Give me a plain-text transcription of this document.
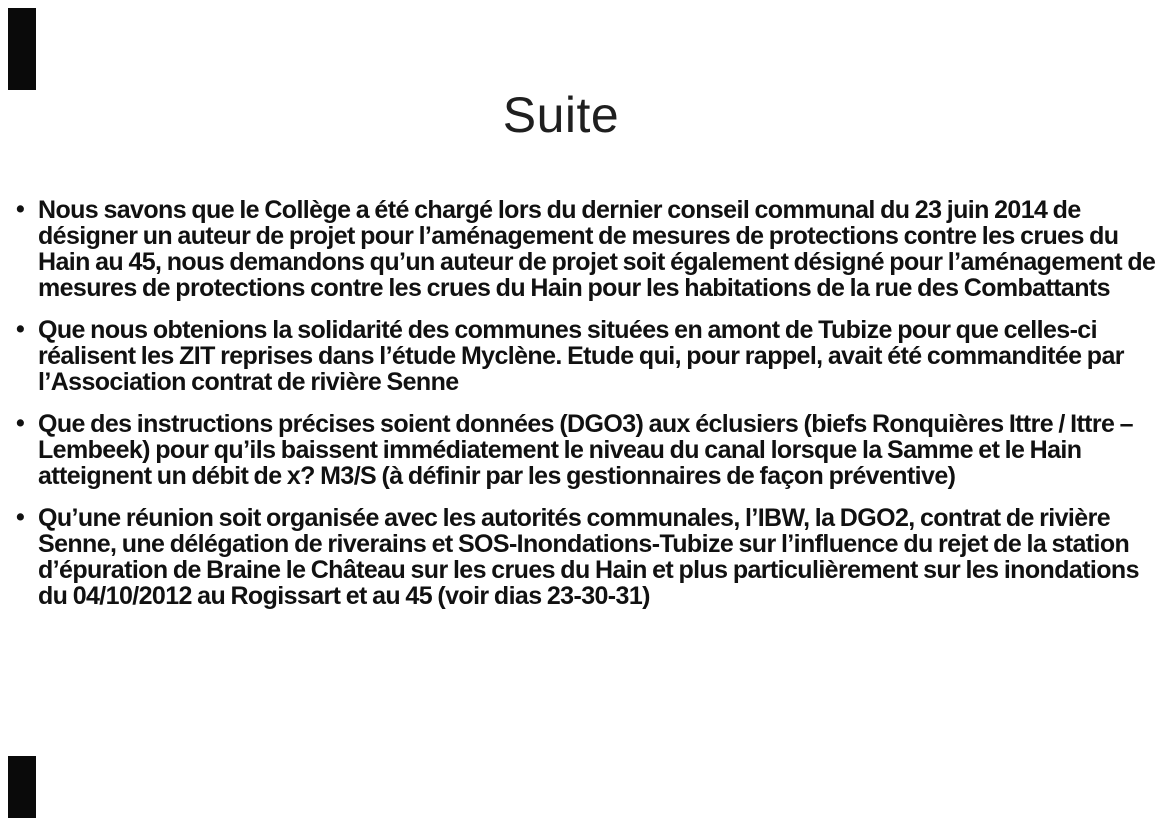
Suite
• Nous savons que le Collège a été chargé lors du dernier conseil communal du 23 juin 2014 de désigner un auteur de projet pour l’aménagement de mesures de protections contre les crues du Hain au 45, nous demandons qu’un auteur de projet soit également désigné pour l’aménagement de mesures de protections contre les crues du Hain pour les habitations de la rue des Combattants
• Que nous obtenions la solidarité des communes situées en amont de Tubize pour que celles-ci réalisent les ZIT reprises dans l’étude Myclène. Etude qui, pour rappel, avait été commanditée par l’Association contrat de rivière Senne
• Que des instructions précises soient données (DGO3) aux éclusiers (biefs Ronquières Ittre / Ittre – Lembeek) pour qu’ils baissent immédiatement le niveau du canal lorsque la Samme et le Hain atteignent un débit de x? M3/S (à définir par les gestionnaires de façon préventive)
• Qu’une réunion soit organisée avec les autorités communales, l’IBW, la DGO2, contrat de rivière Senne, une délégation de riverains et SOS-Inondations-Tubize sur l’influence du rejet de la station d’épuration de Braine le Château sur les crues du Hain et plus particulièrement sur les inondations du 04/10/2012 au Rogissart et au 45 (voir dias 23-30-31)
